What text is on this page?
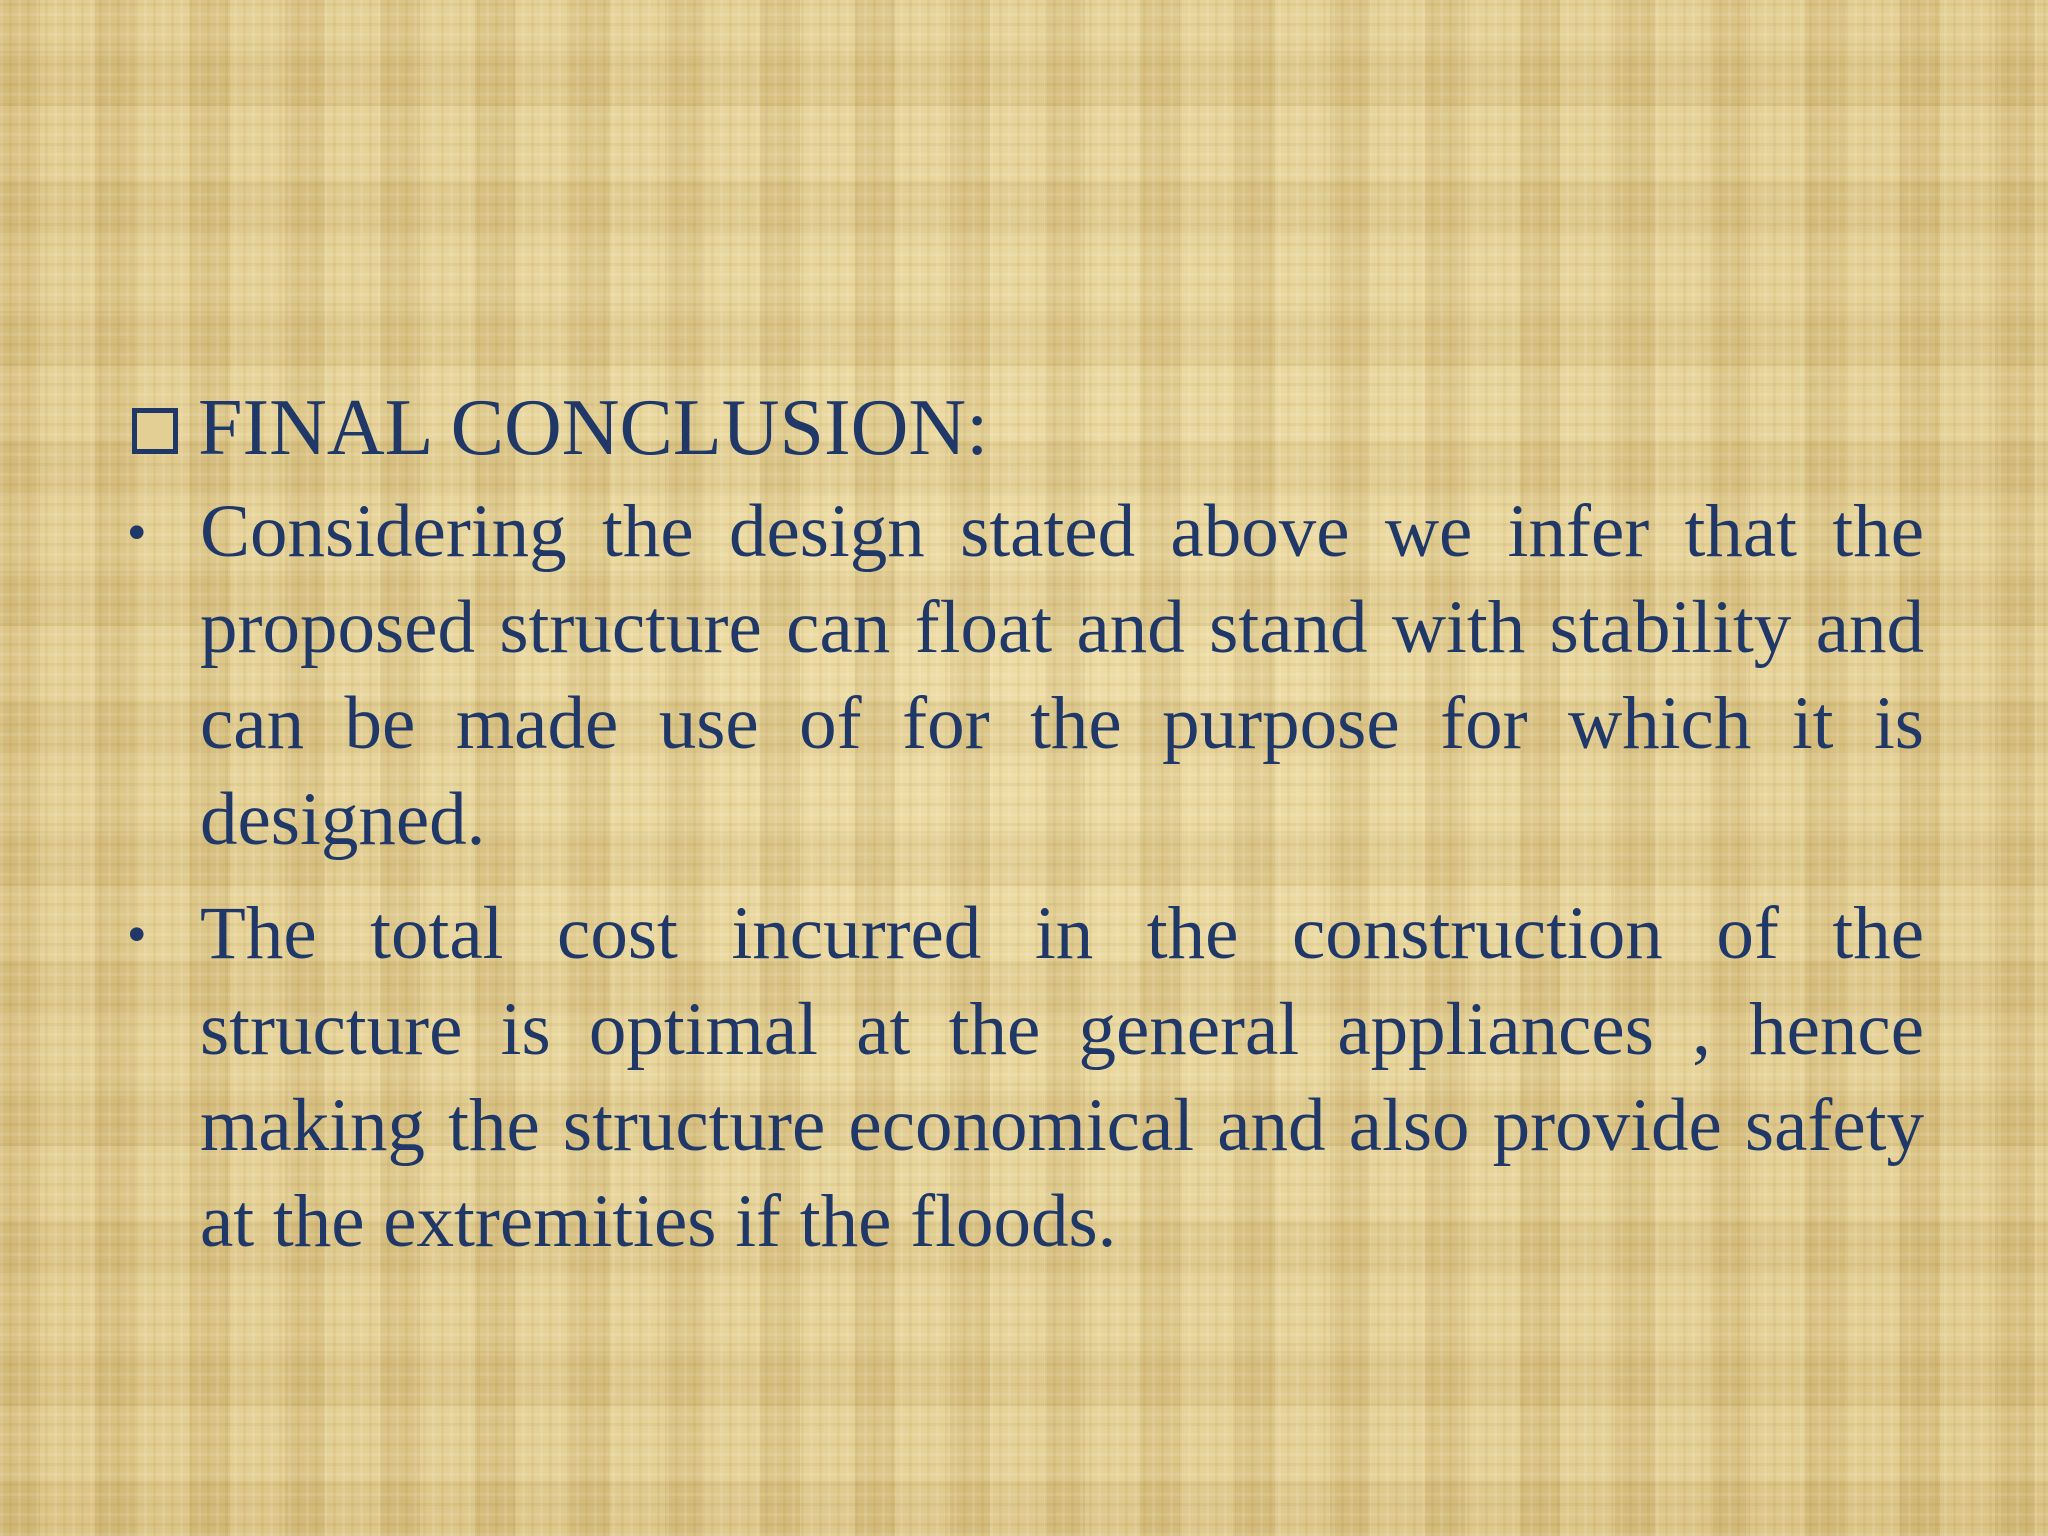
FINAL CONCLUSION:
• Considering the design stated above we infer that the proposed structure can float and stand with stability and can be made use of for the purpose for which it is designed.
• The total cost incurred in the construction of the structure is optimal at the general appliances , hence making the structure economical and also provide safety at the extremities if the floods.
